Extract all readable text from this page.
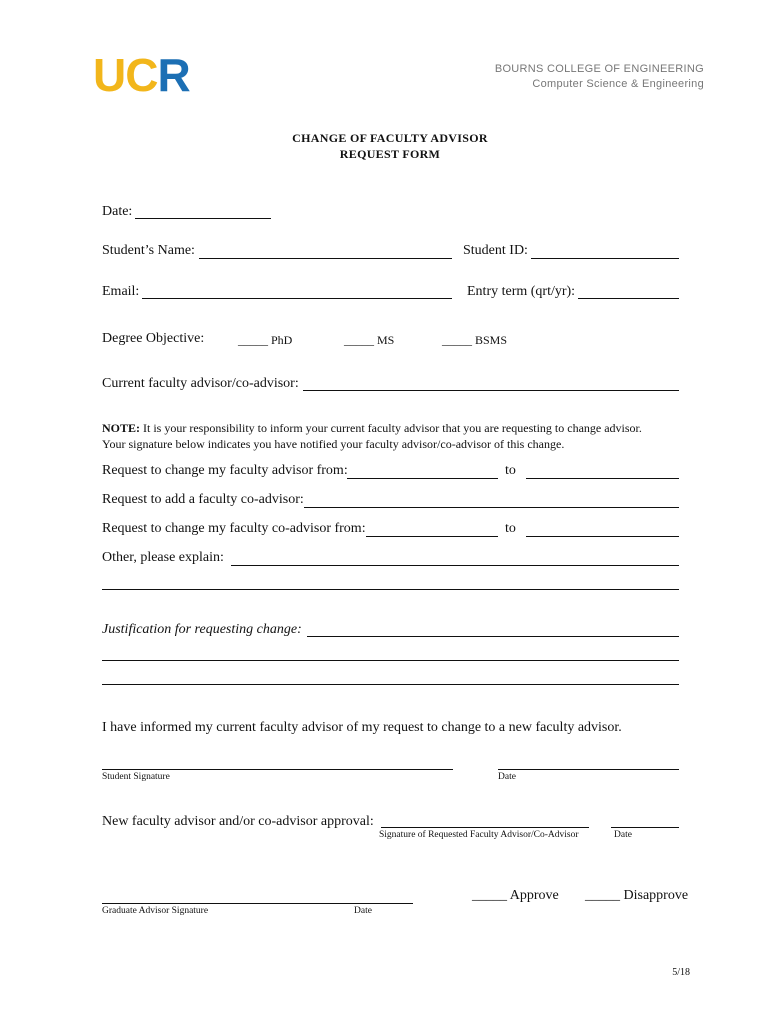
UCR	BOURNS COLLEGE OF ENGINEERING
Computer Science & Engineering
CHANGE OF FACULTY ADVISOR
REQUEST FORM
Date:
Student’s Name:	Student ID:
Email:	Entry term (qrt/yr):
Degree Objective:	_____ PhD	_____ MS	_____ BSMS
Current faculty advisor/co-advisor:
NOTE: It is your responsibility to inform your current faculty advisor that you are requesting to change advisor.
Your signature below indicates you have notified your faculty advisor/co-advisor of this change.
Request to change my faculty advisor from:	to
Request to add a faculty co-advisor:
Request to change my faculty co-advisor from:	to
Other, please explain:
Justification for requesting change:
I have informed my current faculty advisor of my request to change to a new faculty advisor.
Student Signature	Date
New faculty advisor and/or co-advisor approval:
Signature of Requested Faculty Advisor/Co-Advisor	Date
Graduate Advisor Signature	Date
_____ Approve _____ Disapprove
5/18
